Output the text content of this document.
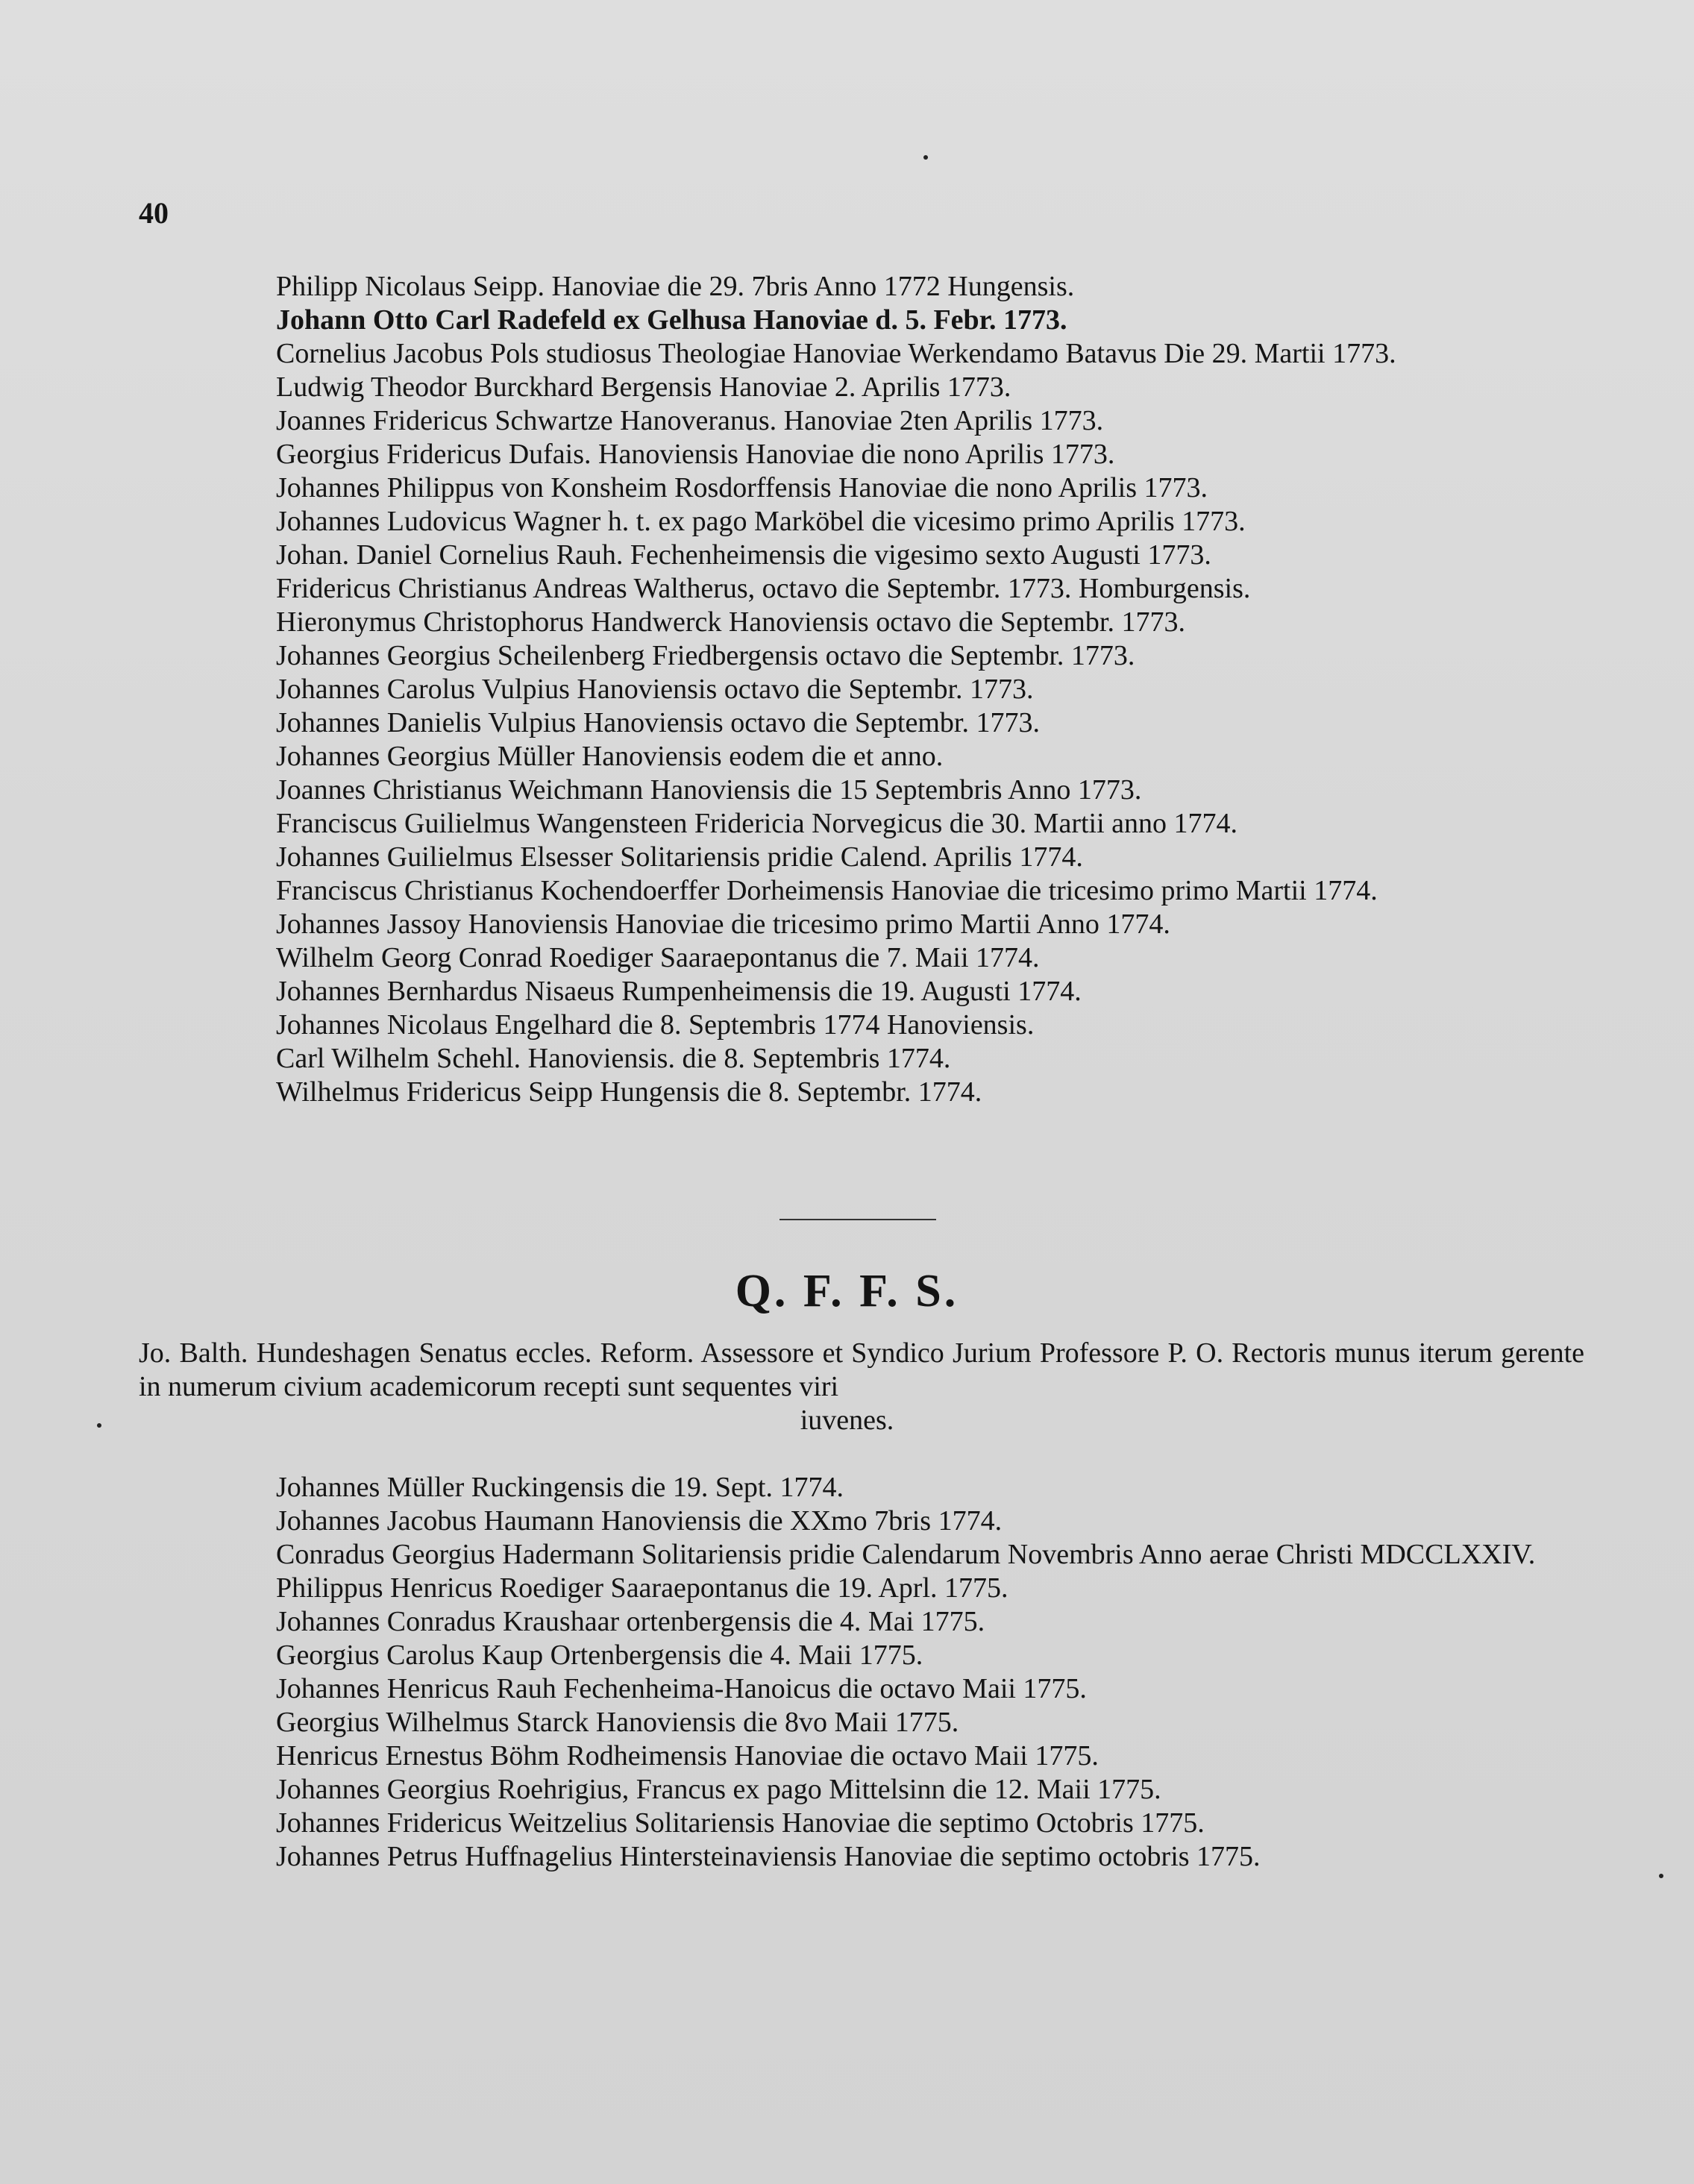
40

Philipp Nicolaus Seipp. Hanoviae die 29. 7bris Anno 1772 Hungensis.

Johann Otto Carl Radefeld ex Gelhusa Hanoviae d. 5. Febr. 1773.

Cornelius Jacobus Pols studiosus Theologiae Hanoviae Werkendamo Batavus Die 29. Martii 1773.

Ludwig Theodor Burckhard Bergensis Hanoviae 2. Aprilis 1773.

Joannes Fridericus Schwartze Hanoveranus. Hanoviae 2ten Aprilis 1773.

Georgius Fridericus Dufais. Hanoviensis Hanoviae die nono Aprilis 1773.

Johannes Philippus von Konsheim Rosdorffensis Hanoviae die nono Aprilis 1773.

Johannes Ludovicus Wagner h. t. ex pago Marköbel die vicesimo primo Aprilis 1773.

Johan. Daniel Cornelius Rauh. Fechenheimensis die vigesimo sexto Augusti 1773.

Fridericus Christianus Andreas Waltherus, octavo die Septembr. 1773. Homburgensis.

Hieronymus Christophorus Handwerck Hanoviensis octavo die Septembr. 1773.

Johannes Georgius Scheilenberg Friedbergensis octavo die Septembr. 1773.

Johannes Carolus Vulpius Hanoviensis octavo die Septembr. 1773.

Johannes Danielis Vulpius Hanoviensis octavo die Septembr. 1773.

Johannes Georgius Müller Hanoviensis eodem die et anno.

Joannes Christianus Weichmann Hanoviensis die 15 Septembris Anno 1773.

Franciscus Guilielmus Wangensteen Fridericia Norvegicus die 30. Martii anno 1774.

Johannes Guilielmus Elsesser Solitariensis pridie Calend. Aprilis 1774.

Franciscus Christianus Kochendoerffer Dorheimensis Hanoviae die tricesimo primo Martii 1774.

Johannes Jassoy Hanoviensis Hanoviae die tricesimo primo Martii Anno 1774.

Wilhelm Georg Conrad Roediger Saaraepontanus die 7. Maii 1774.

Johannes Bernhardus Nisaeus Rumpenheimensis die 19. Augusti 1774.

Johannes Nicolaus Engelhard die 8. Septembris 1774 Hanoviensis.

Carl Wilhelm Schehl. Hanoviensis. die 8. Septembris 1774.

Wilhelmus Fridericus Seipp Hungensis die 8. Septembr. 1774.

Q. F. F. S.

Jo. Balth. Hundeshagen Senatus eccles. Reform. Assessore et Syndico Jurium Professore P. O. Rectoris munus iterum gerente in numerum civium academicorum recepti sunt sequentes viri

iuvenes.

Johannes Müller Ruckingensis die 19. Sept. 1774.

Johannes Jacobus Haumann Hanoviensis die XXmo 7bris 1774.

Conradus Georgius Hadermann Solitariensis pridie Calendarum Novembris Anno aerae Christi MDCCLXXIV.

Philippus Henricus Roediger Saaraepontanus die 19. Aprl. 1775.

Johannes Conradus Kraushaar ortenbergensis die 4. Mai 1775.

Georgius Carolus Kaup Ortenbergensis die 4. Maii 1775.

Johannes Henricus Rauh Fechenheima-Hanoicus die octavo Maii 1775.

Georgius Wilhelmus Starck Hanoviensis die 8vo Maii 1775.

Henricus Ernestus Böhm Rodheimensis Hanoviae die octavo Maii 1775.

Johannes Georgius Roehrigius, Francus ex pago Mittelsinn die 12. Maii 1775.

Johannes Fridericus Weitzelius Solitariensis Hanoviae die septimo Octobris 1775.

Johannes Petrus Huffnagelius Hintersteinaviensis Hanoviae die septimo octobris 1775.
